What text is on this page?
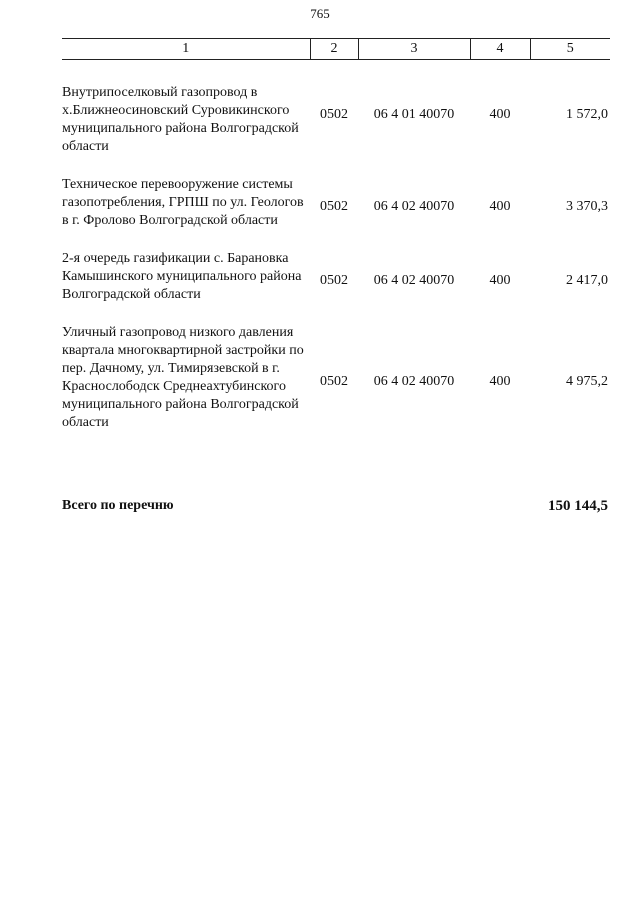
765
1	2	3	4	5
Внутрипоселковый газопровод в х.Ближнеосиновский Суровикинского муниципального района Волгоградской области	0502	06 4 01 40070	400	1 572,0
Техническое перевооружение системы газопотребления, ГРПШ по ул. Геологов в г. Фролово Волгоградской области	0502	06 4 02 40070	400	3 370,3
2-я очередь газификации с. Барановка Камышинского муниципального района Волгоградской области	0502	06 4 02 40070	400	2 417,0
Уличный газопровод низкого давления квартала многоквартирной застройки по пер. Дачному, ул. Тимирязевской в г. Краснослободск Среднеахтубинского муниципального района Волгоградской области	0502	06 4 02 40070	400	4 975,2
Всего по перечню	150 144,5
